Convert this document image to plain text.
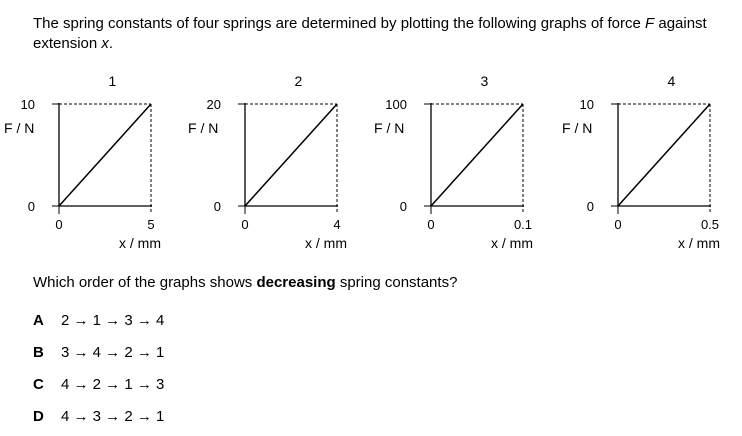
The spring constants of four springs are determined by plotting the following graphs of force F against extension x.

1
10
0
0	5
F / N
x / mm
2
20
0
0	4
F / N
x / mm
3
100
0
0	0.1
F / N
x / mm
4
10
0
0	0.5
F / N
x / mm

Which order of the graphs shows decreasing spring constants?

A 2 → 1 → 3 → 4

B 3 → 4 → 2 → 1

C 4 → 2 → 1 → 3

D 4 → 3 → 2 → 1
